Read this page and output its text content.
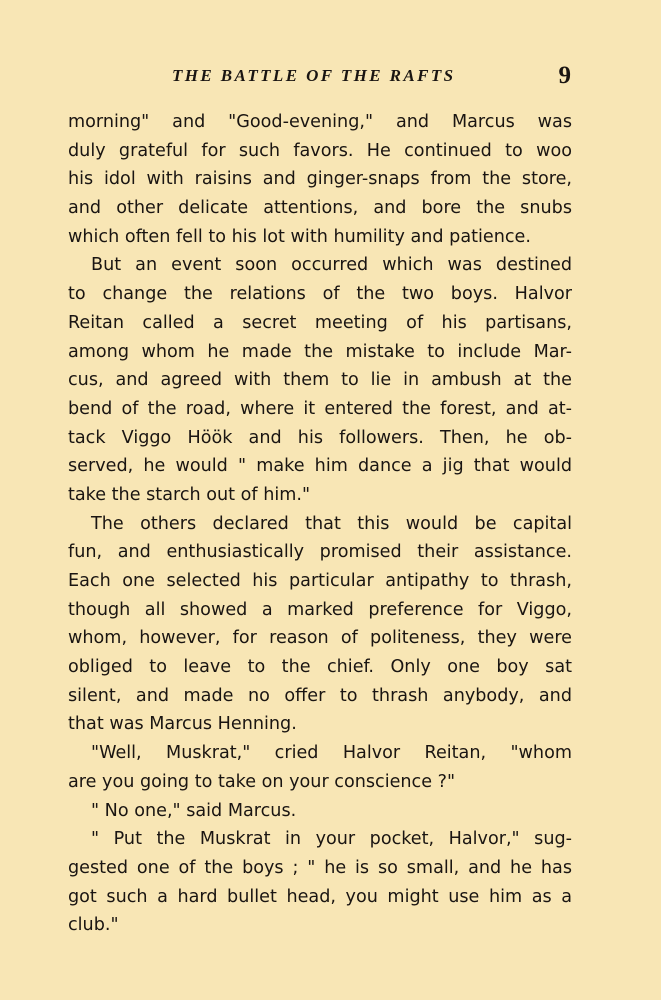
THE BATTLE OF THE RAFTS	9
morning" and "Good-evening," and Marcus was
duly grateful for such favors. He continued to woo
his idol with raisins and ginger-snaps from the store,
and other delicate attentions, and bore the snubs
which often fell to his lot with humility and patience.
But an event soon occurred which was destined
to change the relations of the two boys. Halvor
Reitan called a secret meeting of his partisans,
among whom he made the mistake to include Mar-
cus, and agreed with them to lie in ambush at the
bend of the road, where it entered the forest, and at-
tack Viggo Höök and his followers. Then, he ob-
served, he would " make him dance a jig that would
take the starch out of him."
The others declared that this would be capital
fun, and enthusiastically promised their assistance.
Each one selected his particular antipathy to thrash,
though all showed a marked preference for Viggo,
whom, however, for reason of politeness, they were
obliged to leave to the chief. Only one boy sat
silent, and made no offer to thrash anybody, and
that was Marcus Henning.
"Well, Muskrat," cried Halvor Reitan, "whom
are you going to take on your conscience ?"
" No one," said Marcus.
" Put the Muskrat in your pocket, Halvor," sug-
gested one of the boys ; " he is so small, and he has
got such a hard bullet head, you might use him as a
club."
